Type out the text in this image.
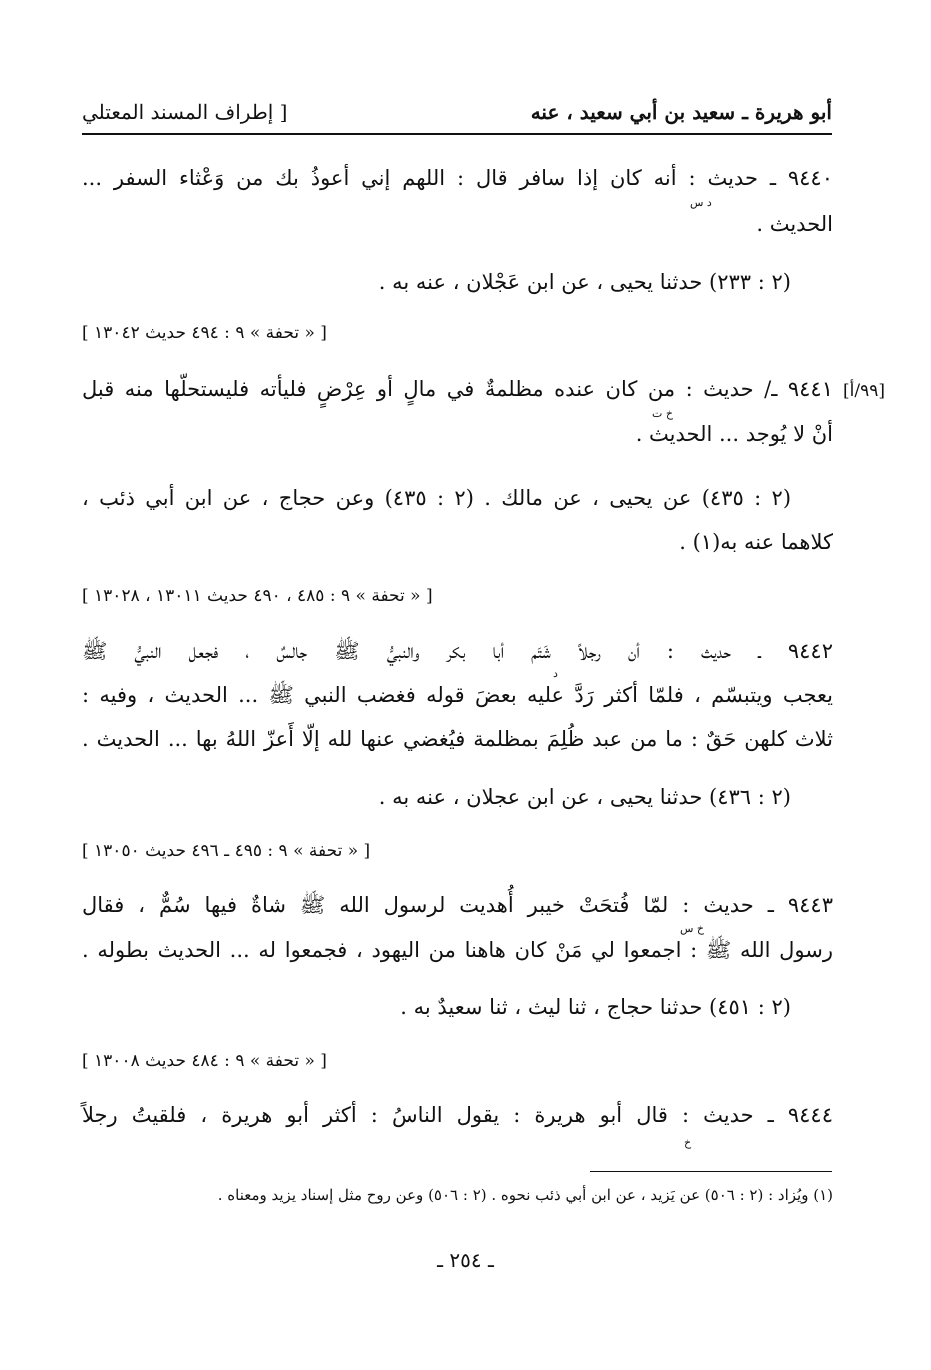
[ إطراف المسند المعتلي	أبو هريرة ـ سعيد بن أبي سعيد ، عنه
٩٤٤٠ ـ حديث : أنه كان إذا سافر قال : اللهم إني أعوذُ بك من وَعْثاء السفر ...
د س
الحديث .
(٢ : ٢٣٣) حدثنا يحيى ، عن ابن عَجْلان ، عنه به .
[ « تحفة » ٩ : ٤٩٤ حديث ١٣٠٤٢ ]
[٩٩/أ]
٩٤٤١ ـ/ حديث : من كان عنده مظلمةٌ في مالٍ أو عِرْضٍ فليأته فليستحلّها منه قبل
خ ت
أنْ لا يُوجد ... الحديث .
(٢ : ٤٣٥) عن يحيى ، عن مالك . (٢ : ٤٣٥) وعن حجاج ، عن ابن أبي ذئب ،
كلاهما عنه به(١) .
[ « تحفة » ٩ : ٤٨٥ ، ٤٩٠ حديث ١٣٠١١ ، ١٣٠٢٨ ]
٩٤٤٢ ـ حديث : أن رجلاً شَتَم أبا بكر والنبيُّ ﷺ جالسٌ ، فجعل النبيُّ ﷺ
د
يعجب ويتبسّم ، فلمّا أكثر رَدَّ عليه بعضَ قوله فغضب النبي ﷺ ... الحديث ، وفيه :
ثلاث كلهن حَقٌ : ما من عبد ظُلِمَ بمظلمة فيُغضي عنها لله إلّا أَعزّ اللهُ بها ... الحديث .
(٢ : ٤٣٦) حدثنا يحيى ، عن ابن عجلان ، عنه به .
[ « تحفة » ٩ : ٤٩٥ ـ ٤٩٦ حديث ١٣٠٥٠ ]
٩٤٤٣ ـ حديث : لمّا فُتحَتْ خيبر أُهديت لرسول الله ﷺ شاةٌ فيها سُمٌّ ، فقال
خ س
رسول الله ﷺ : اجمعوا لي مَنْ كان هاهنا من اليهود ، فجمعوا له ... الحديث بطوله .
(٢ : ٤٥١) حدثنا حجاج ، ثنا ليث ، ثنا سعيدٌ به .
[ « تحفة » ٩ : ٤٨٤ حديث ١٣٠٠٨ ]
٩٤٤٤ ـ حديث : قال أبو هريرة : يقول الناسُ : أكثر أبو هريرة ، فلقيتُ رجلاً
خ
(١) ويُزاد : (٢ : ٥٠٦) عن يَزيد ، عن ابن أبي ذئب نحوه . (٢ : ٥٠٦) وعن روح مثل إسناد يزيد ومعناه .
ـ ٢٥٤ ـ
